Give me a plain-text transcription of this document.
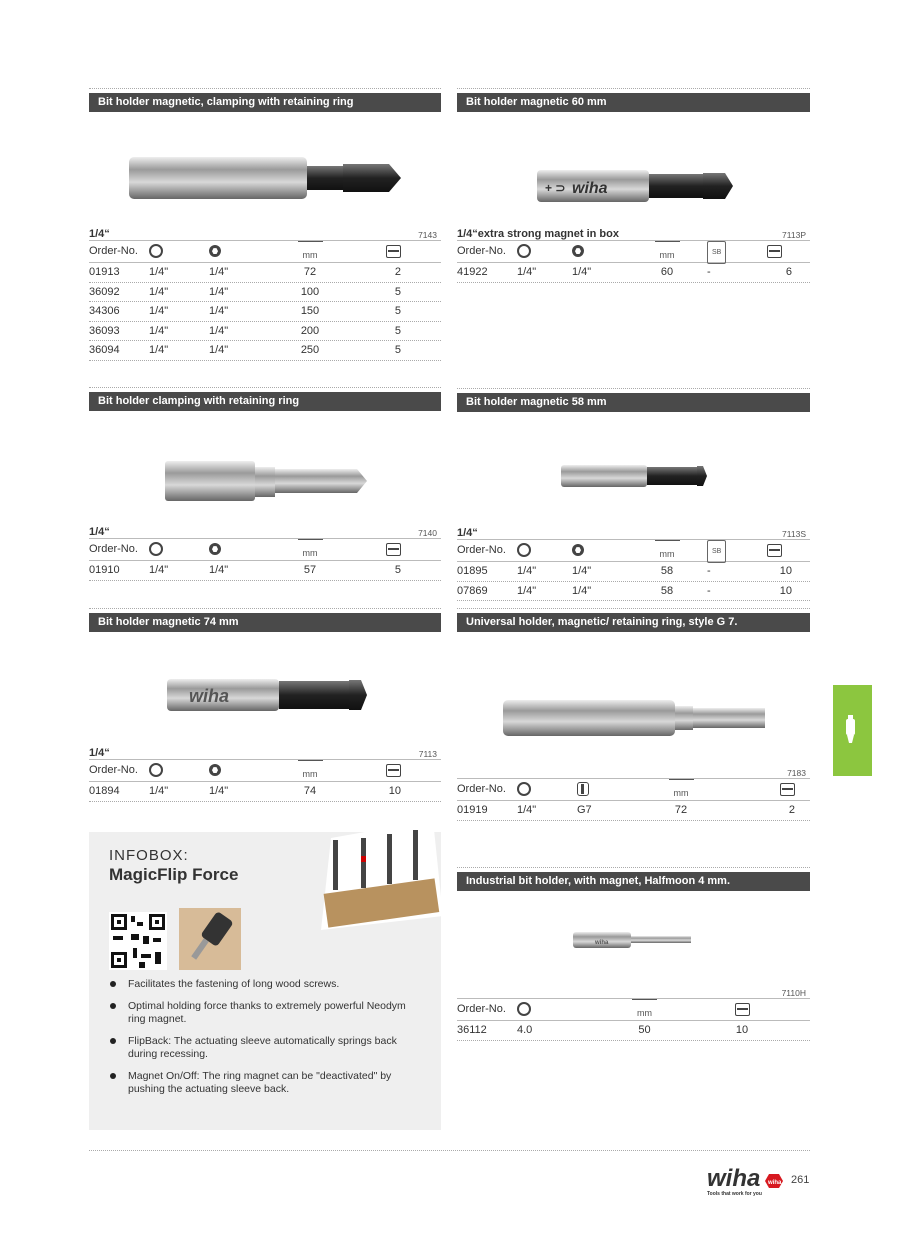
Bit holder magnetic, clamping with retaining ring
1/4“	7143
Order-No.	mm
01913	1/4"	1/4"	72	2
36092	1/4"	1/4"	100	5
34306	1/4"	1/4"	150	5
36093	1/4"	1/4"	200	5
36094	1/4"	1/4"	250	5
Bit holder clamping with retaining ring
1/4“	7140
Order-No.	mm
01910	1/4"	1/4"	57	5
Bit holder magnetic 74 mm
wiha
1/4“	7113
Order-No.	mm
01894	1/4"	1/4"	74	10
INFOBOX:
MagicFlip Force
Facilitates the fastening of long wood screws.
Optimal holding force thanks to extremely powerful Neodym ring magnet.
FlipBack: The actuating sleeve automatically springs back during recessing.
Magnet On/Off: The ring magnet can be "deactivated" by pushing the actuating sleeve back.
Bit holder magnetic 60 mm
+ ⊃ wiha
1/4“extra strong magnet in box	7113P
Order-No.	mm	SB
41922	1/4"	1/4"	60	-	6
Bit holder magnetic 58 mm
1/4“	7113S
Order-No.	mm	SB
01895	1/4"	1/4"	58	-	10
07869	1/4"	1/4"	58	-	10
Universal holder, magnetic/ retaining ring, style G 7.
7183
Order-No.	mm
01919	1/4"	G7	72	2
Industrial bit holder, with magnet, Halfmoon 4 mm.
wiha
7110H
Order-No.	mm
36112	4.0	50	10
wiha
Tools that work for you
wiha 261
